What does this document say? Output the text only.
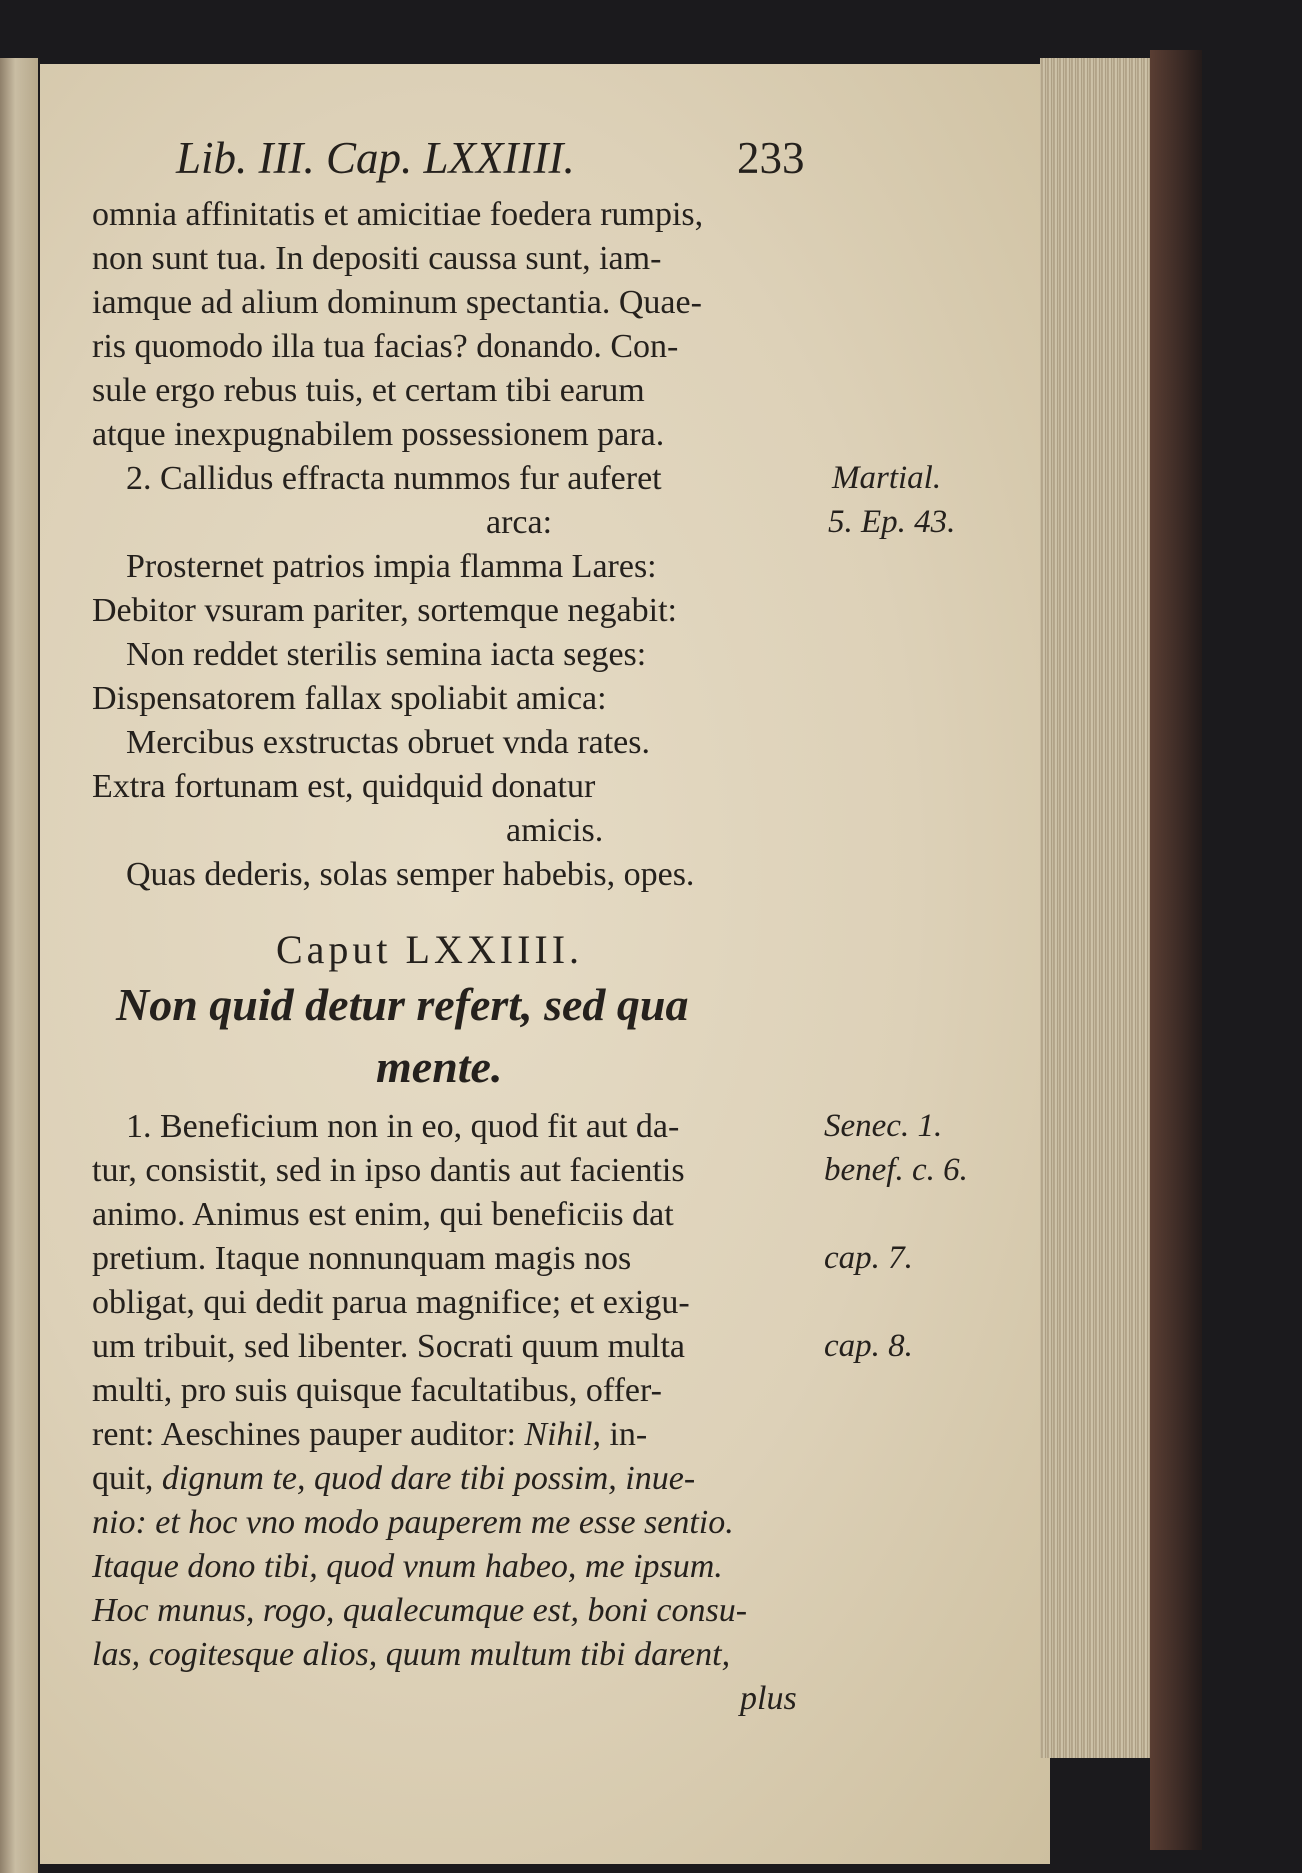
Lib. III. Cap. LXXIIII.	233
omnia affinitatis et amicitiae foedera rumpis,
non sunt tua. In depositi caussa sunt, iam-
iamque ad alium dominum spectantia. Quae-
ris quomodo illa tua facias? donando. Con-
sule ergo rebus tuis, et certam tibi earum
atque inexpugnabilem possessionem para.
2. Callidus effracta nummos fur auferet
arca:
Prosternet patrios impia flamma Lares:
Debitor vsuram pariter, sortemque negabit:
Non reddet sterilis semina iacta seges:
Dispensatorem fallax spoliabit amica:
Mercibus exstructas obruet vnda rates.
Extra fortunam est, quidquid donatur
amicis.
Quas dederis, solas semper habebis, opes.
Caput LXXIIII.
Non quid detur refert, sed qua
mente.
1. Beneficium non in eo, quod fit aut da-
tur, consistit, sed in ipso dantis aut facientis
animo. Animus est enim, qui beneficiis dat
pretium. Itaque nonnunquam magis nos
obligat, qui dedit parua magnifice; et exigu-
um tribuit, sed libenter. Socrati quum multa
multi, pro suis quisque facultatibus, offer-
rent: Aeschines pauper auditor: Nihil, in-
quit, dignum te, quod dare tibi possim, inue-
nio: et hoc vno modo pauperem me esse sentio.
Itaque dono tibi, quod vnum habeo, me ipsum.
Hoc munus, rogo, qualecumque est, boni consu-
las, cogitesque alios, quum multum tibi darent,
plus
Martial.
5. Ep. 43.
Senec. 1.
benef. c. 6.
cap. 7.
cap. 8.
